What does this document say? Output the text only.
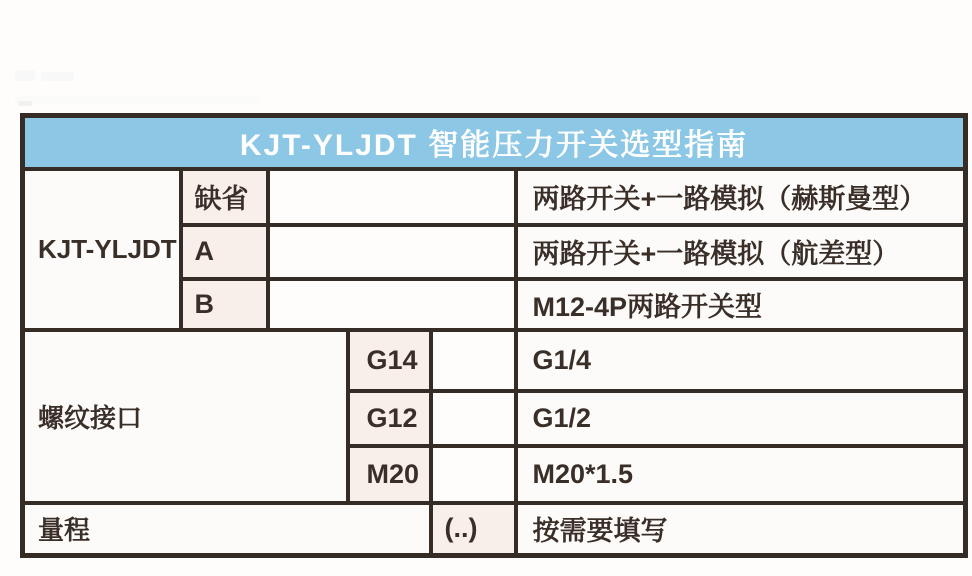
KJT-YLJDT 智能压力开关选型指南					
KJT-YLJDT	缺省				两路开关+一路模拟（赫斯曼型）
	A				两路开关+一路模拟（航差型）
	B				M12-4P两路开关型
螺纹接口			G14		G1/4
			G12		G1/2
			M20		M20*1.5
量程				(..)	按需要填写
